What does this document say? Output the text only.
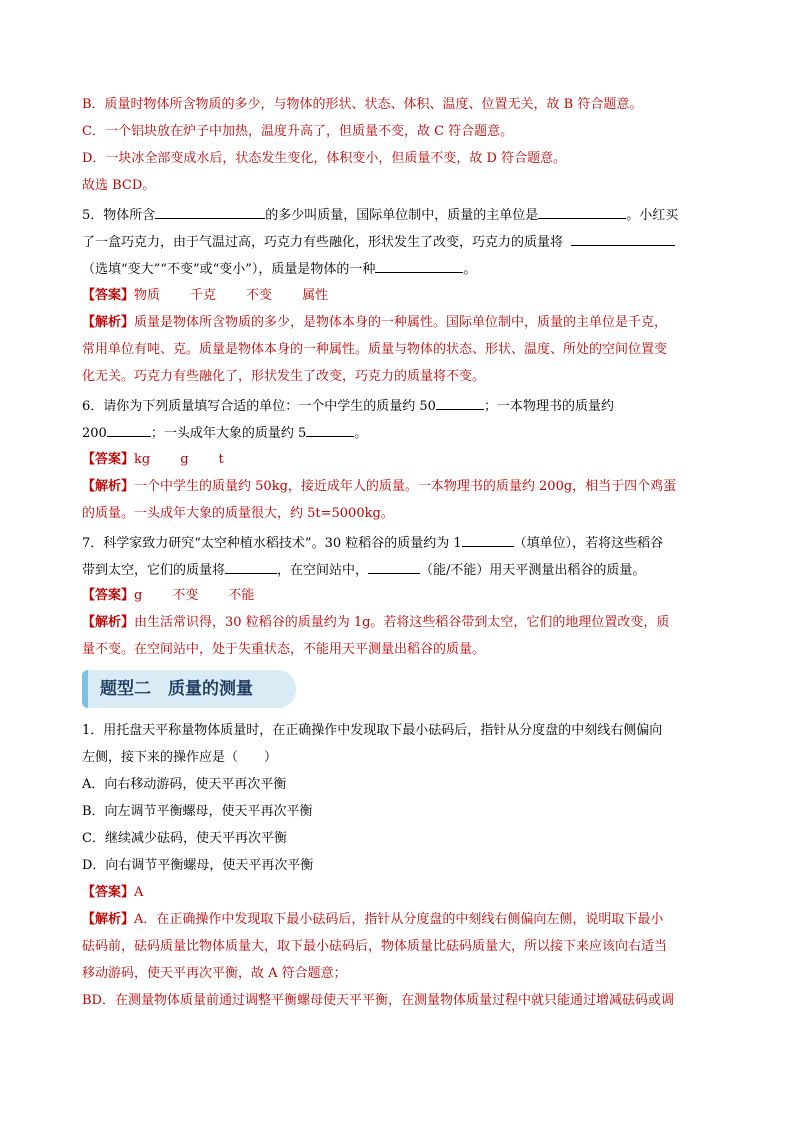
B．质量时物体所含物质的多少，与物体的形状、状态、体积、温度、位置无关，故 B 符合题意。
C．一个铝块放在炉子中加热，温度升高了，但质量不变，故 C 符合题意。
D．一块冰全部变成水后，状态发生变化，体积变小，但质量不变，故 D 符合题意。
故选 BCD。
5．物体所含	的多少叫质量，国际单位制中，质量的主单位是	。小红买
了一盒巧克力，由于气温过高，巧克力有些融化，形状发生了改变，巧克力的质量将
（选填“变大”“不变”或“变小”），质量是物体的一种	。
【答案】物质 千克 不变 属性
【解析】质量是物体所含物质的多少，是物体本身的一种属性。国际单位制中，质量的主单位是千克，
常用单位有吨、克。质量是物体本身的一种属性。质量与物体的状态、形状、温度、所处的空间位置变
化无关。巧克力有些融化了，形状发生了改变，巧克力的质量将不变。
6．请你为下列质量填写合适的单位：一个中学生的质量约 50	；一本物理书的质量约
200	；一头成年大象的质量约 5	。
【答案】kg g t
【解析】一个中学生的质量约 50kg，接近成年人的质量。一本物理书的质量约 200g，相当于四个鸡蛋
的质量。一头成年大象的质量很大，约 5t=5000kg。
7．科学家致力研究“太空种植水稻技术”。30 粒稻谷的质量约为 1	（填单位），若将这些稻谷
带到太空，它们的质量将	，在空间站中，	（能/不能）用天平测量出稻谷的质量。
【答案】g 不变 不能
【解析】由生活常识得，30 粒稻谷的质量约为 1g。若将这些稻谷带到太空，它们的地理位置改变，质
量不变。在空间站中，处于失重状态，不能用天平测量出稻谷的质量。
题型二　质量的测量
1．用托盘天平称量物体质量时，在正确操作中发现取下最小砝码后，指针从分度盘的中刻线右侧偏向
左侧，接下来的操作应是（　　）
A．向右移动游码，使天平再次平衡
B．向左调节平衡螺母，使天平再次平衡
C．继续减少砝码，使天平再次平衡
D．向右调节平衡螺母，使天平再次平衡
【答案】A
【解析】A．在正确操作中发现取下最小砝码后，指针从分度盘的中刻线右侧偏向左侧，说明取下最小
砝码前，砝码质量比物体质量大，取下最小砝码后，物体质量比砝码质量大，所以接下来应该向右适当
移动游码，使天平再次平衡，故 A 符合题意；
BD．在测量物体质量前通过调整平衡螺母使天平平衡，在测量物体质量过程中就只能通过增减砝码或调
